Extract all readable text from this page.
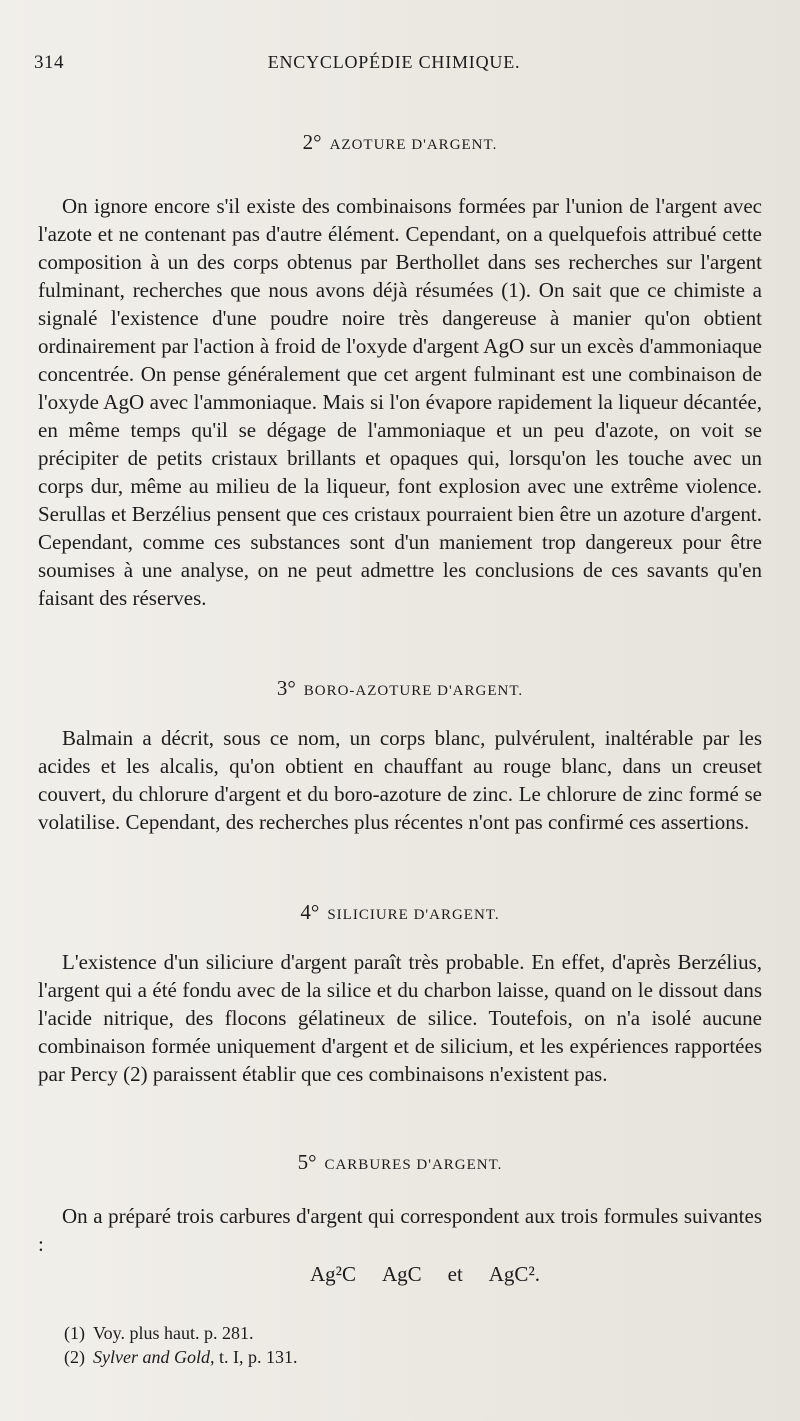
314	ENCYCLOPÉDIE CHIMIQUE.
2° AZOTURE D'ARGENT.

On ignore encore s'il existe des combinaisons formées par l'union de l'argent avec l'azote et ne contenant pas d'autre élément. Cependant, on a quelquefois attribué cette composition à un des corps obtenus par Berthollet dans ses recherches sur l'argent fulminant, recherches que nous avons déjà résumées (1). On sait que ce chimiste a signalé l'existence d'une poudre noire très dangereuse à manier qu'on obtient ordinairement par l'action à froid de l'oxyde d'argent AgO sur un excès d'ammoniaque concentrée. On pense généralement que cet argent fulminant est une combinaison de l'oxyde AgO avec l'ammoniaque. Mais si l'on évapore rapidement la liqueur décantée, en même temps qu'il se dégage de l'ammoniaque et un peu d'azote, on voit se précipiter de petits cristaux brillants et opaques qui, lorsqu'on les touche avec un corps dur, même au milieu de la liqueur, font explosion avec une extrême violence. Serullas et Berzélius pensent que ces cristaux pourraient bien être un azoture d'argent. Cependant, comme ces substances sont d'un maniement trop dangereux pour être soumises à une analyse, on ne peut admettre les conclusions de ces savants qu'en faisant des réserves.

3° BORO-AZOTURE D'ARGENT.

Balmain a décrit, sous ce nom, un corps blanc, pulvérulent, inaltérable par les acides et les alcalis, qu'on obtient en chauffant au rouge blanc, dans un creuset couvert, du chlorure d'argent et du boro-azoture de zinc. Le chlorure de zinc formé se volatilise. Cependant, des recherches plus récentes n'ont pas confirmé ces assertions.

4° SILICIURE D'ARGENT.

L'existence d'un siliciure d'argent paraît très probable. En effet, d'après Berzélius, l'argent qui a été fondu avec de la silice et du charbon laisse, quand on le dissout dans l'acide nitrique, des flocons gélatineux de silice. Toutefois, on n'a isolé aucune combinaison formée uniquement d'argent et de silicium, et les expériences rapportées par Percy (2) paraissent établir que ces combinaisons n'existent pas.

5° CARBURES D'ARGENT.

On a préparé trois carbures d'argent qui correspondent aux trois formules suivantes :

Ag²C AgC et AgC².
(1) Voy. plus haut. p. 281.
(2) Sylver and Gold, t. I, p. 131.
